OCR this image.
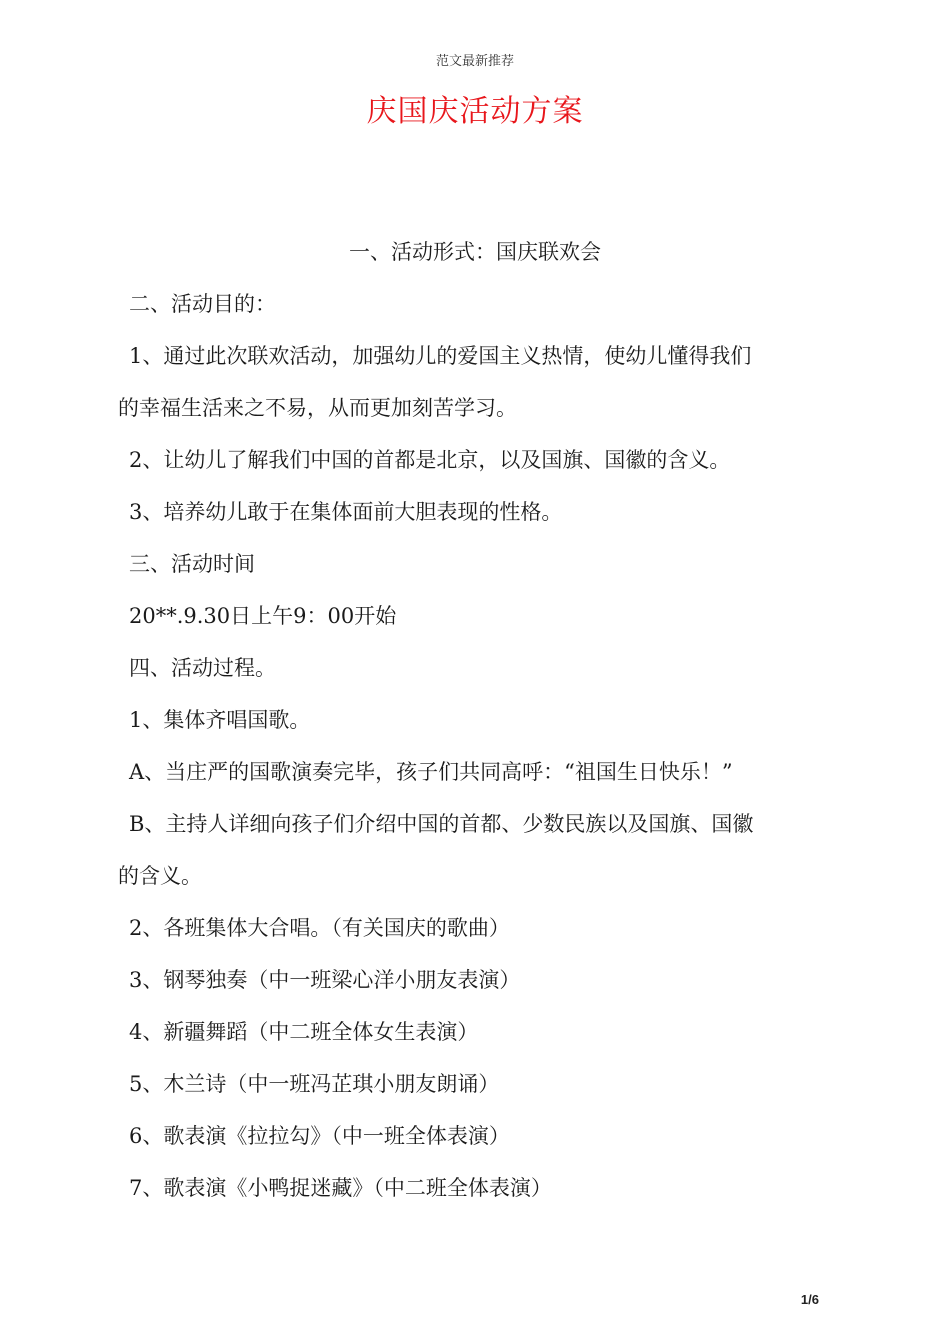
范文最新推荐
庆国庆活动方案

一、活动形式：国庆联欢会

二、活动目的：

1、通过此次联欢活动，加强幼儿的爱国主义热情，使幼儿懂得我们

的幸福生活来之不易，从而更加刻苦学习。

2、让幼儿了解我们中国的首都是北京，以及国旗、国徽的含义。

3、培养幼儿敢于在集体面前大胆表现的性格。

三、活动时间

20**.9.30日上午9：00开始

四、活动过程。

1、集体齐唱国歌。

A、当庄严的国歌演奏完毕，孩子们共同高呼：“祖国生日快乐！”

B、主持人详细向孩子们介绍中国的首都、少数民族以及国旗、国徽

的含义。

2、各班集体大合唱。（有关国庆的歌曲）

3、钢琴独奏（中一班梁心洋小朋友表演）

4、新疆舞蹈（中二班全体女生表演）

5、木兰诗（中一班冯芷琪小朋友朗诵）

6、歌表演《拉拉勾》（中一班全体表演）

7、歌表演《小鸭捉迷藏》（中二班全体表演）

1/6
